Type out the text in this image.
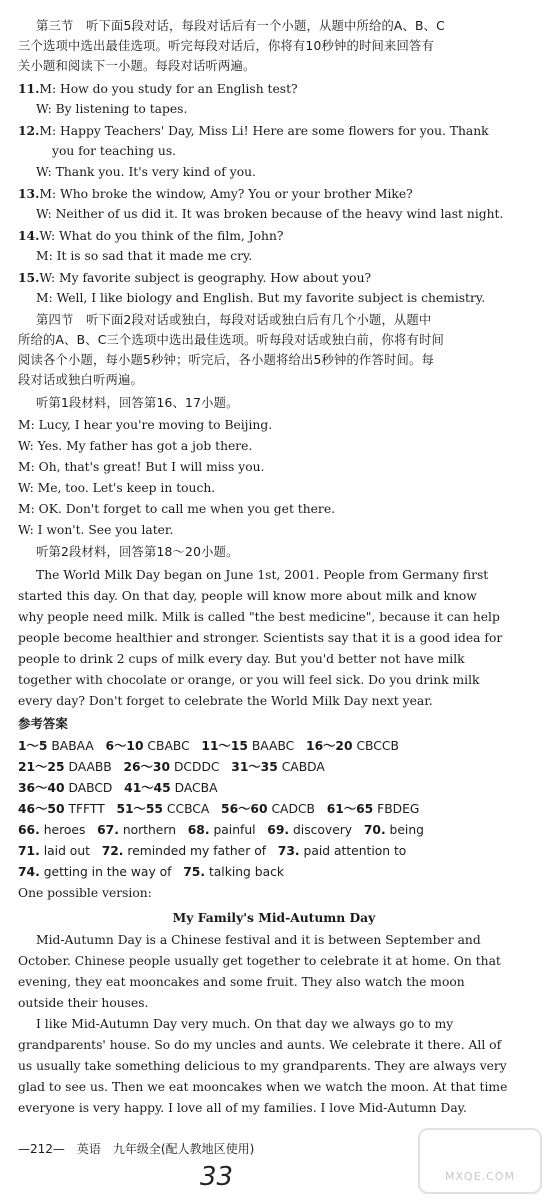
第三节　听下面5段对话，每段对话后有一个小题，从题中所给的A、B、C
三个选项中选出最佳选项。听完每段对话后，你将有10秒钟的时间来回答有
关小题和阅读下一小题。每段对话听两遍。
11.M: How do you study for an English test?
W: By listening to tapes.
12.M: Happy Teachers' Day, Miss Li! Here are some flowers for you. Thank
you for teaching us.
W: Thank you. It's very kind of you.
13.M: Who broke the window, Amy? You or your brother Mike?
W: Neither of us did it. It was broken because of the heavy wind last night.
14.W: What do you think of the film, John?
M: It is so sad that it made me cry.
15.W: My favorite subject is geography. How about you?
M: Well, I like biology and English. But my favorite subject is chemistry.
第四节　听下面2段对话或独白，每段对话或独白后有几个小题，从题中
所给的A、B、C三个选项中选出最佳选项。听每段对话或独白前，你将有时间
阅读各个小题，每小题5秒钟；听完后，各小题将给出5秒钟的作答时间。每
段对话或独白听两遍。
听第1段材料，回答第16、17小题。
M: Lucy, I hear you're moving to Beijing.
W: Yes. My father has got a job there.
M: Oh, that's great! But I will miss you.
W: Me, too. Let's keep in touch.
M: OK. Don't forget to call me when you get there.
W: I won't. See you later.
听第2段材料，回答第18～20小题。
The World Milk Day began on June 1st, 2001. People from Germany first
started this day. On that day, people will know more about milk and know
why people need milk. Milk is called "the best medicine", because it can help
people become healthier and stronger. Scientists say that it is a good idea for
people to drink 2 cups of milk every day. But you'd better not have milk
together with chocolate or orange, or you will feel sick. Do you drink milk
every day? Don't forget to celebrate the World Milk Day next year.
参考答案
1～5 BABAA 6～10 CBABC 11～15 BAABC 16～20 CBCCB
21～25 DAABB 26～30 DCDDC 31～35 CABDA
36～40 DABCD 41～45 DACBA
46～50 TFFTT 51～55 CCBCA 56～60 CADCB 61～65 FBDEG
66. heroes 67. northern 68. painful 69. discovery 70. being
71. laid out 72. reminded my father of 73. paid attention to
74. getting in the way of 75. talking back
One possible version:
My Family's Mid-Autumn Day
Mid-Autumn Day is a Chinese festival and it is between September and
October. Chinese people usually get together to celebrate it at home. On that
evening, they eat mooncakes and some fruit. They also watch the moon
outside their houses.
I like Mid-Autumn Day very much. On that day we always go to my
grandparents' house. So do my uncles and aunts. We celebrate it there. All of
us usually take something delicious to my grandparents. They are always very
glad to see us. Then we eat mooncakes when we watch the moon. At that time
everyone is very happy. I love all of my families. I love Mid-Autumn Day.
—212—　英语　九年级全(配人教地区使用)
33	MXQE.COM
